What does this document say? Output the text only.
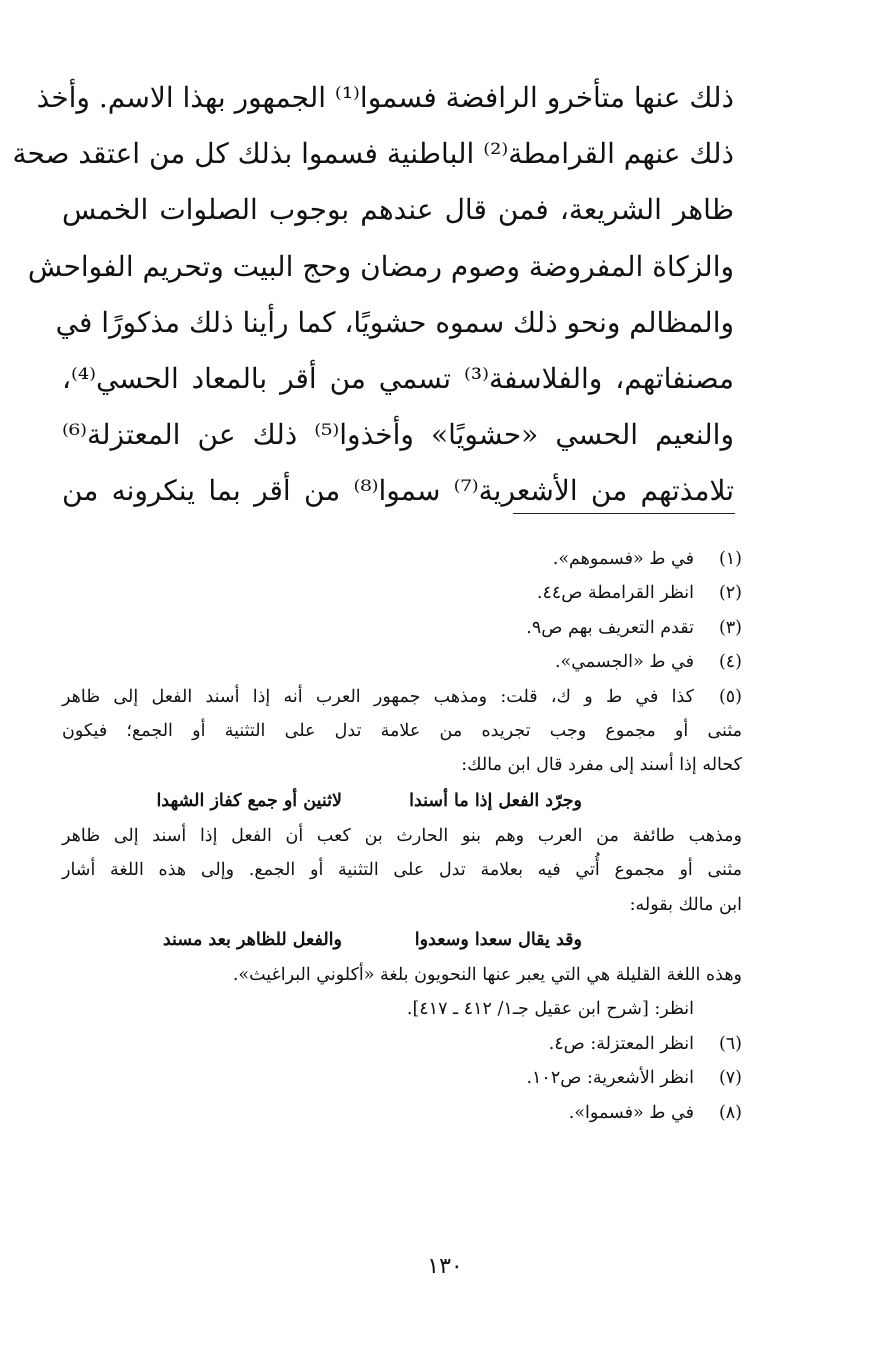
ذلك عنها متأخرو الرافضة فسموا⁽¹⁾ الجمهور بهذا الاسم. وأخذ
ذلك عنهم القرامطة⁽²⁾ الباطنية فسموا بذلك كل من اعتقد صحة
ظاهر الشريعة، فمن قال عندهم بوجوب الصلوات الخمس
والزكاة المفروضة وصوم رمضان وحج البيت وتحريم الفواحش
والمظالم ونحو ذلك سموه حشويًا، كما رأينا ذلك مذكورًا في
مصنفاتهم، والفلاسفة⁽³⁾ تسمي من أقر بالمعاد الحسي⁽⁴⁾،
والنعيم الحسي «حشويًا» وأخذوا⁽⁵⁾ ذلك عن المعتزلة⁽⁶⁾
تلامذتهم من الأشعرية⁽⁷⁾ سموا⁽⁸⁾ من أقر بما ينكرونه من
(١)
في ط «فسموهم».
(٢)
انظر القرامطة ص٤٤.
(٣)
تقدم التعريف بهم ص٩.
(٤)
في ط «الجسمي».
(٥)
كذا في ط و ك، قلت: ومذهب جمهور العرب أنه إذا أسند الفعل إلى ظاهر
مثنى أو مجموع وجب تجريده من علامة تدل على التثنية أو الجمع؛ فيكون
كحاله إذا أسند إلى مفرد قال ابن مالك:
وجرّد الفعل إذا ما أسندا
لاثنين أو جمع كفاز الشهدا
ومذهب طائفة من العرب وهم بنو الحارث بن كعب أن الفعل إذا أسند إلى ظاهر
مثنى أو مجموع أُتي فيه بعلامة تدل على التثنية أو الجمع. وإلى هذه اللغة أشار
ابن مالك بقوله:
وقد يقال سعدا وسعدوا
والفعل للظاهر بعد مسند
وهذه اللغة القليلة هي التي يعبر عنها النحويون بلغة «أكلوني البراغيث».
انظر: [شرح ابن عقيل جـ١/ ٤١٢ ـ ٤١٧].
(٦)
انظر المعتزلة: ص٤.
(٧)
انظر الأشعرية: ص١٠٢.
(٨)
في ط «فسموا».
١٣٠
